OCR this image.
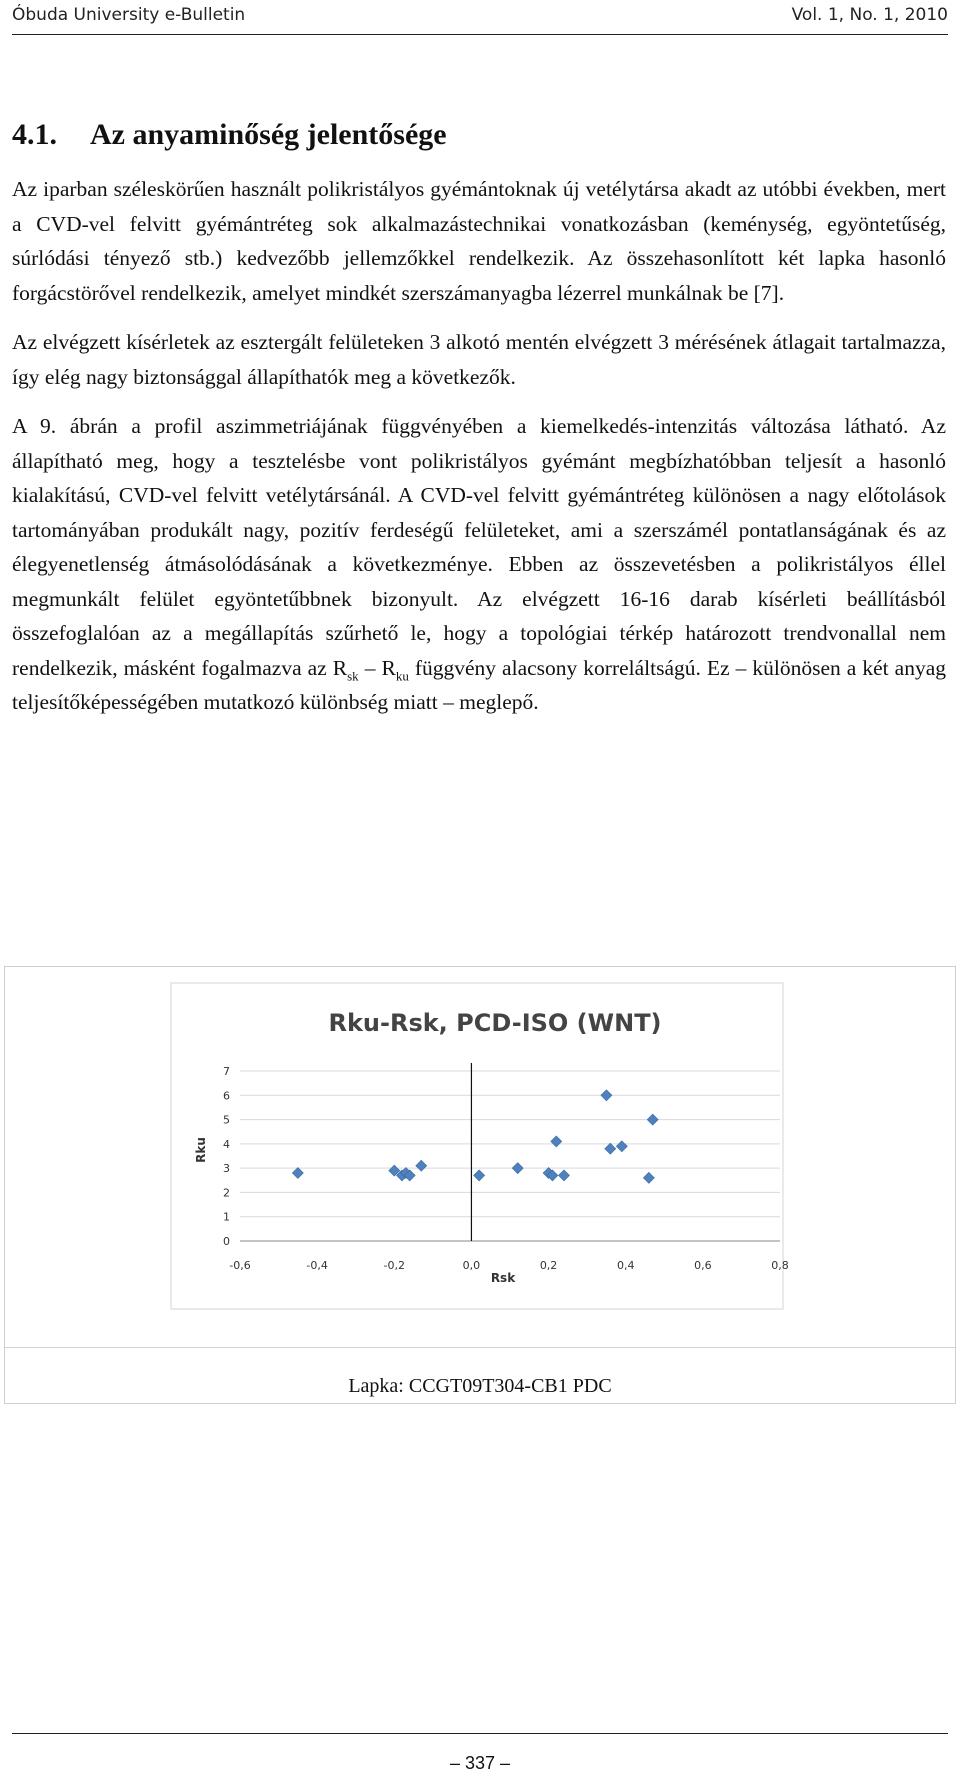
Óbuda University e-Bulletin	Vol. 1, No. 1, 2010
4.1. Az anyaminőség jelentősége

Az iparban széleskörűen használt polikristályos gyémántoknak új vetélytársa akadt az utóbbi években, mert a CVD-vel felvitt gyémántréteg sok alkalmazástechnikai vonatkozásban (keménység, egyöntetűség, súrlódási tényező stb.) kedvezőbb jellemzőkkel rendelkezik. Az összehasonlított két lapka hasonló forgácstörővel rendelkezik, amelyet mindkét szerszámanyagba lézerrel munkálnak be [7].

Az elvégzett kísérletek az esztergált felületeken 3 alkotó mentén elvégzett 3 mérésének átlagait tartalmazza, így elég nagy biztonsággal állapíthatók meg a következők.

A 9. ábrán a profil aszimmetriájának függvényében a kiemelkedés-intenzitás változása látható. Az állapítható meg, hogy a tesztelésbe vont polikristályos gyémánt megbízhatóbban teljesít a hasonló kialakítású, CVD-vel felvitt vetélytársánál. A CVD-vel felvitt gyémántréteg különösen a nagy előtolások tartományában produkált nagy, pozitív ferdeségű felületeket, ami a szerszámél pontatlanságának és az élegyenetlenség átmásolódásának a következménye. Ebben az összevetésben a polikristályos éllel megmunkált felület egyöntetűbbnek bizonyult. Az elvégzett 16-16 darab kísérleti beállításból összefoglalóan az a megállapítás szűrhető le, hogy a topológiai térkép határozott trendvonallal nem rendelkezik, másként fogalmazva az $R_{sk} - R_{ku}$ függvény alacsony korreláltságú. Ez – különösen a két anyag teljesítőképességében mutatkozó különbség miatt – meglepő.

Rku-Rsk, PCD-ISO (WNT)
0
1
2
3
4
5
6
7
-0,6	-0,4	-0,2	0,0	0,2	0,4	0,6	0,8
Rsk
Rku
Lapka: CCGT09T304-CB1 PDC
– 337 –
